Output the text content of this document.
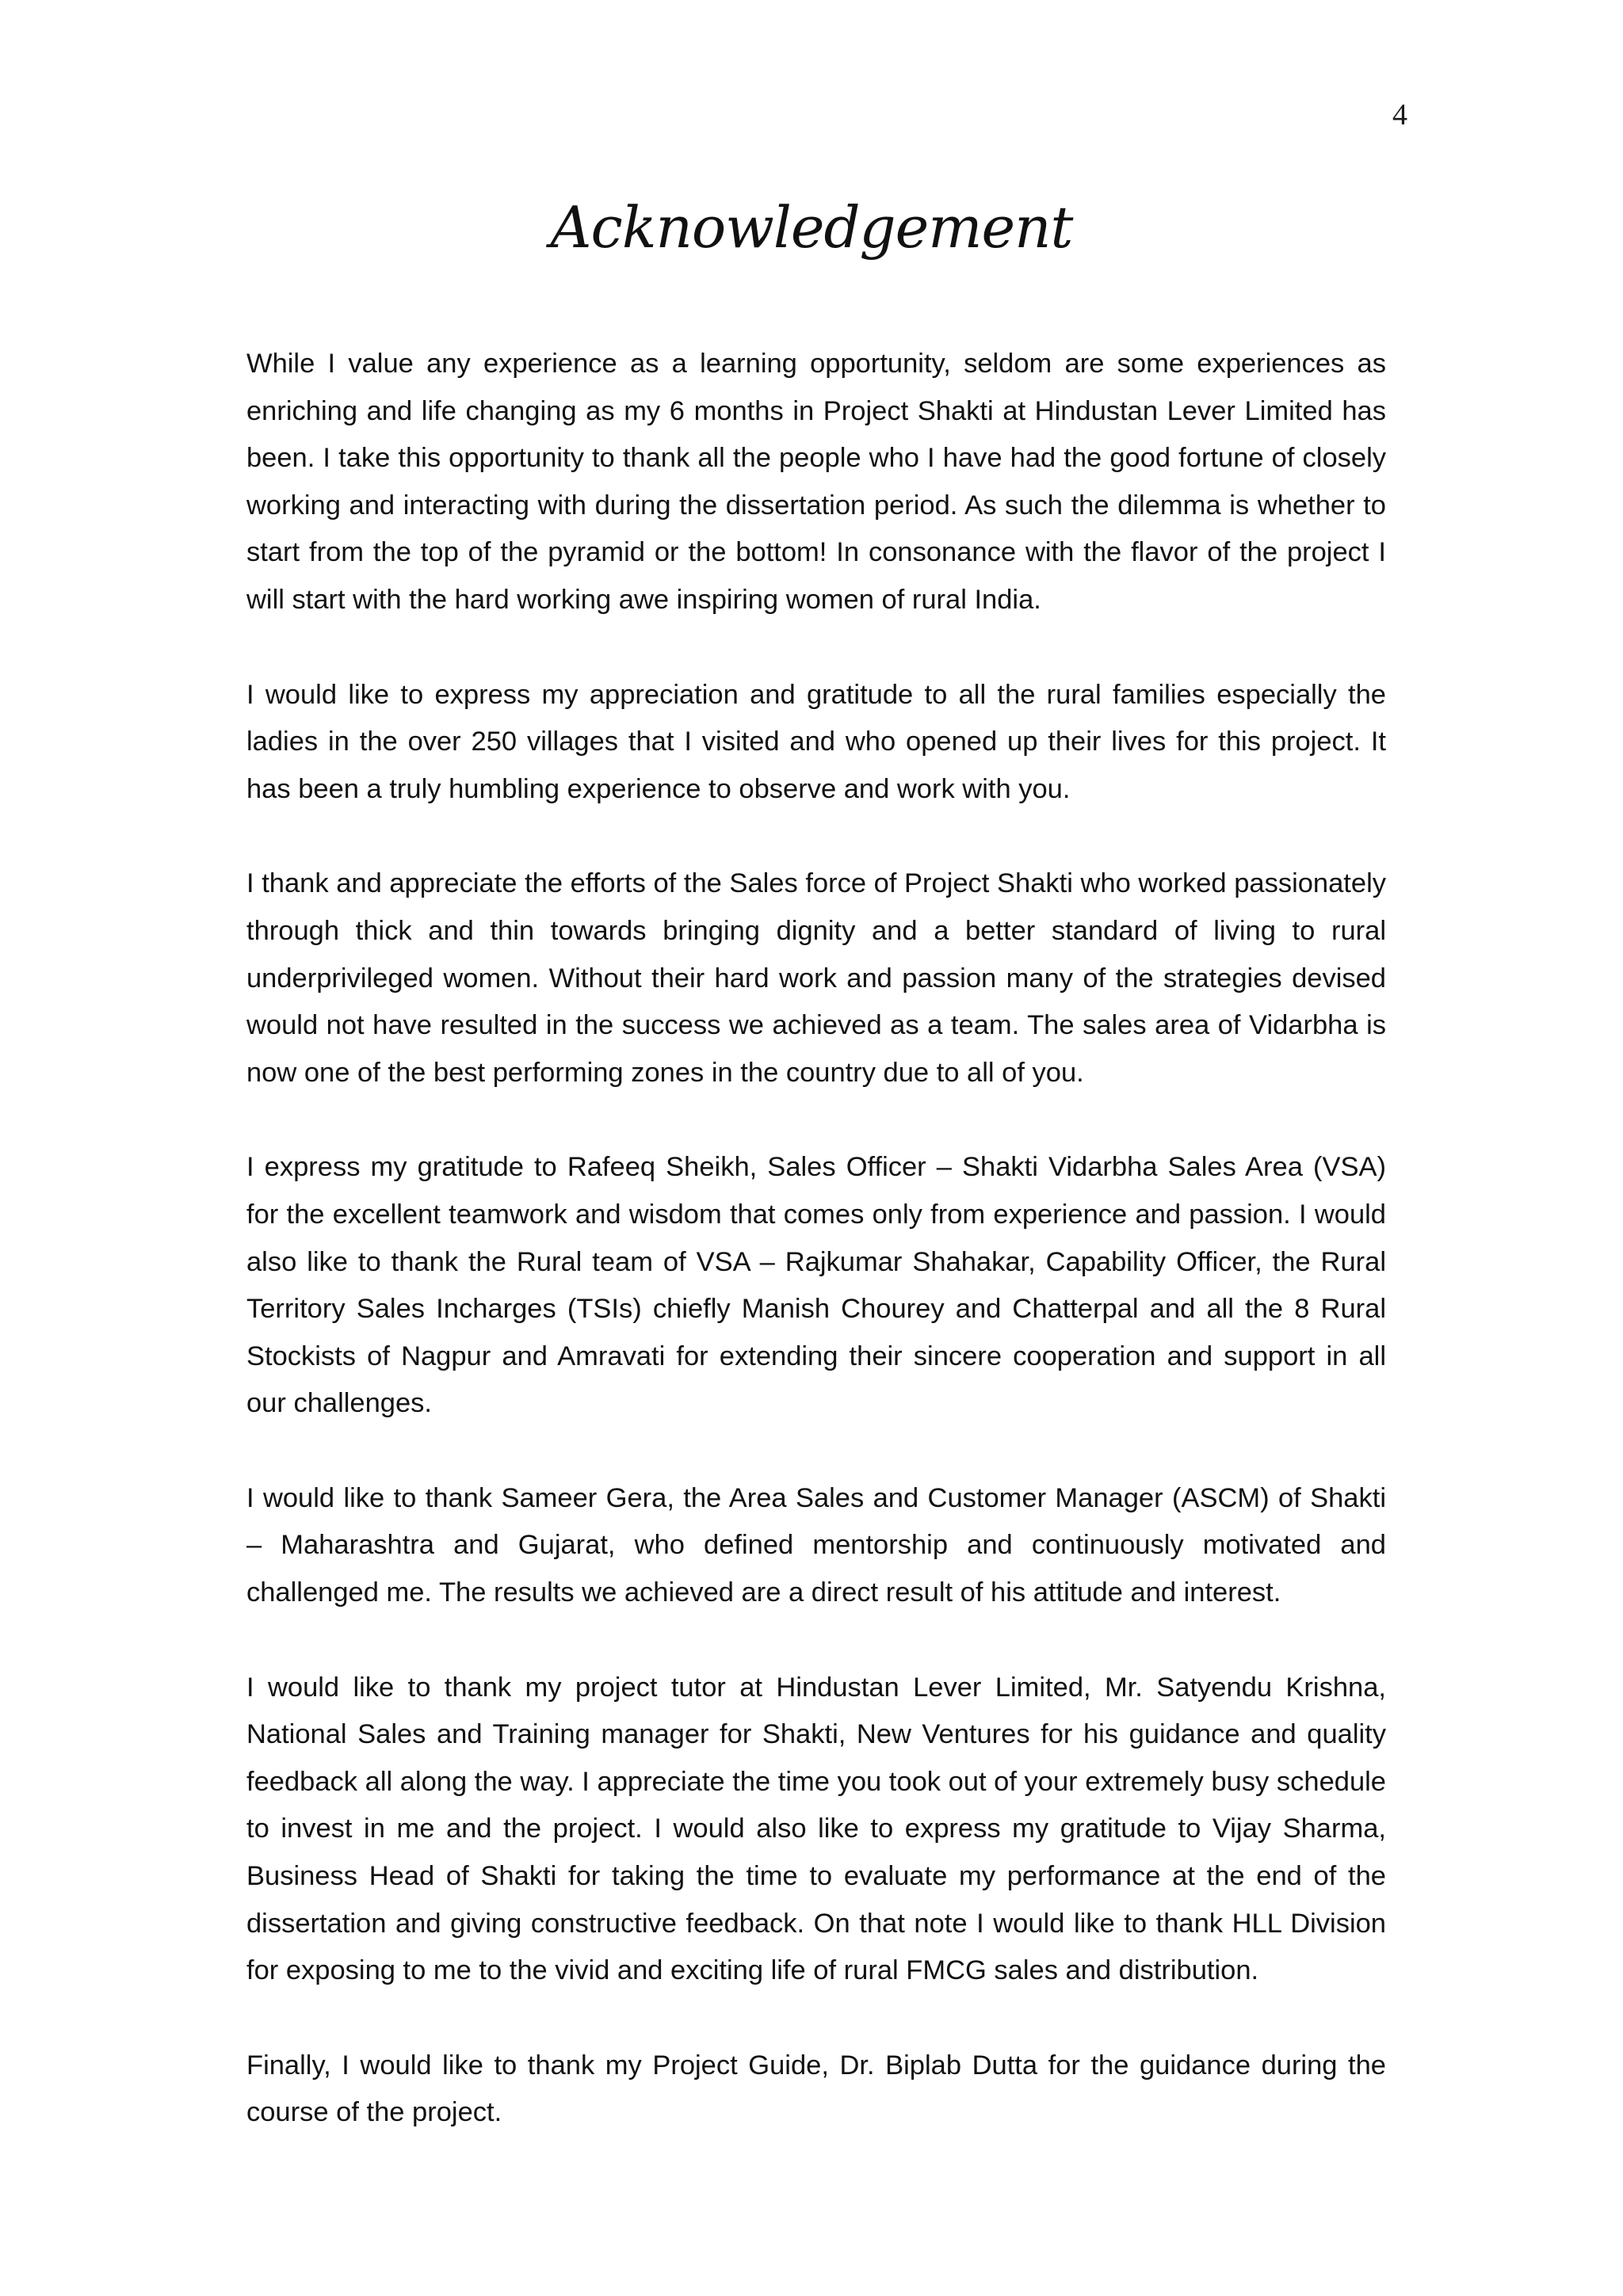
4
Acknowledgement

While I value any experience as a learning opportunity, seldom are some experiences as enriching and life changing as my 6 months in Project Shakti at Hindustan Lever Limited has been. I take this opportunity to thank all the people who I have had the good fortune of closely working and interacting with during the dissertation period. As such the dilemma is whether to start from the top of the pyramid or the bottom! In consonance with the flavor of the project I will start with the hard working awe inspiring women of rural India.

I would like to express my appreciation and gratitude to all the rural families especially the ladies in the over 250 villages that I visited and who opened up their lives for this project. It has been a truly humbling experience to observe and work with you.

I thank and appreciate the efforts of the Sales force of Project Shakti who worked passionately through thick and thin towards bringing dignity and a better standard of living to rural underprivileged women. Without their hard work and passion many of the strategies devised would not have resulted in the success we achieved as a team. The sales area of Vidarbha is now one of the best performing zones in the country due to all of you.

I express my gratitude to Rafeeq Sheikh, Sales Officer – Shakti Vidarbha Sales Area (VSA) for the excellent teamwork and wisdom that comes only from experience and passion. I would also like to thank the Rural team of VSA – Rajkumar Shahakar, Capability Officer, the Rural Territory Sales Incharges (TSIs) chiefly Manish Chourey and Chatterpal and all the 8 Rural Stockists of Nagpur and Amravati for extending their sincere cooperation and support in all our challenges.

I would like to thank Sameer Gera, the Area Sales and Customer Manager (ASCM) of Shakti – Maharashtra and Gujarat, who defined mentorship and continuously motivated and challenged me. The results we achieved are a direct result of his attitude and interest.

I would like to thank my project tutor at Hindustan Lever Limited, Mr. Satyendu Krishna, National Sales and Training manager for Shakti, New Ventures for his guidance and quality feedback all along the way. I appreciate the time you took out of your extremely busy schedule to invest in me and the project. I would also like to express my gratitude to Vijay Sharma, Business Head of Shakti for taking the time to evaluate my performance at the end of the dissertation and giving constructive feedback. On that note I would like to thank HLL Division for exposing to me to the vivid and exciting life of rural FMCG sales and distribution.

Finally, I would like to thank my Project Guide, Dr. Biplab Dutta for the guidance during the course of the project.
